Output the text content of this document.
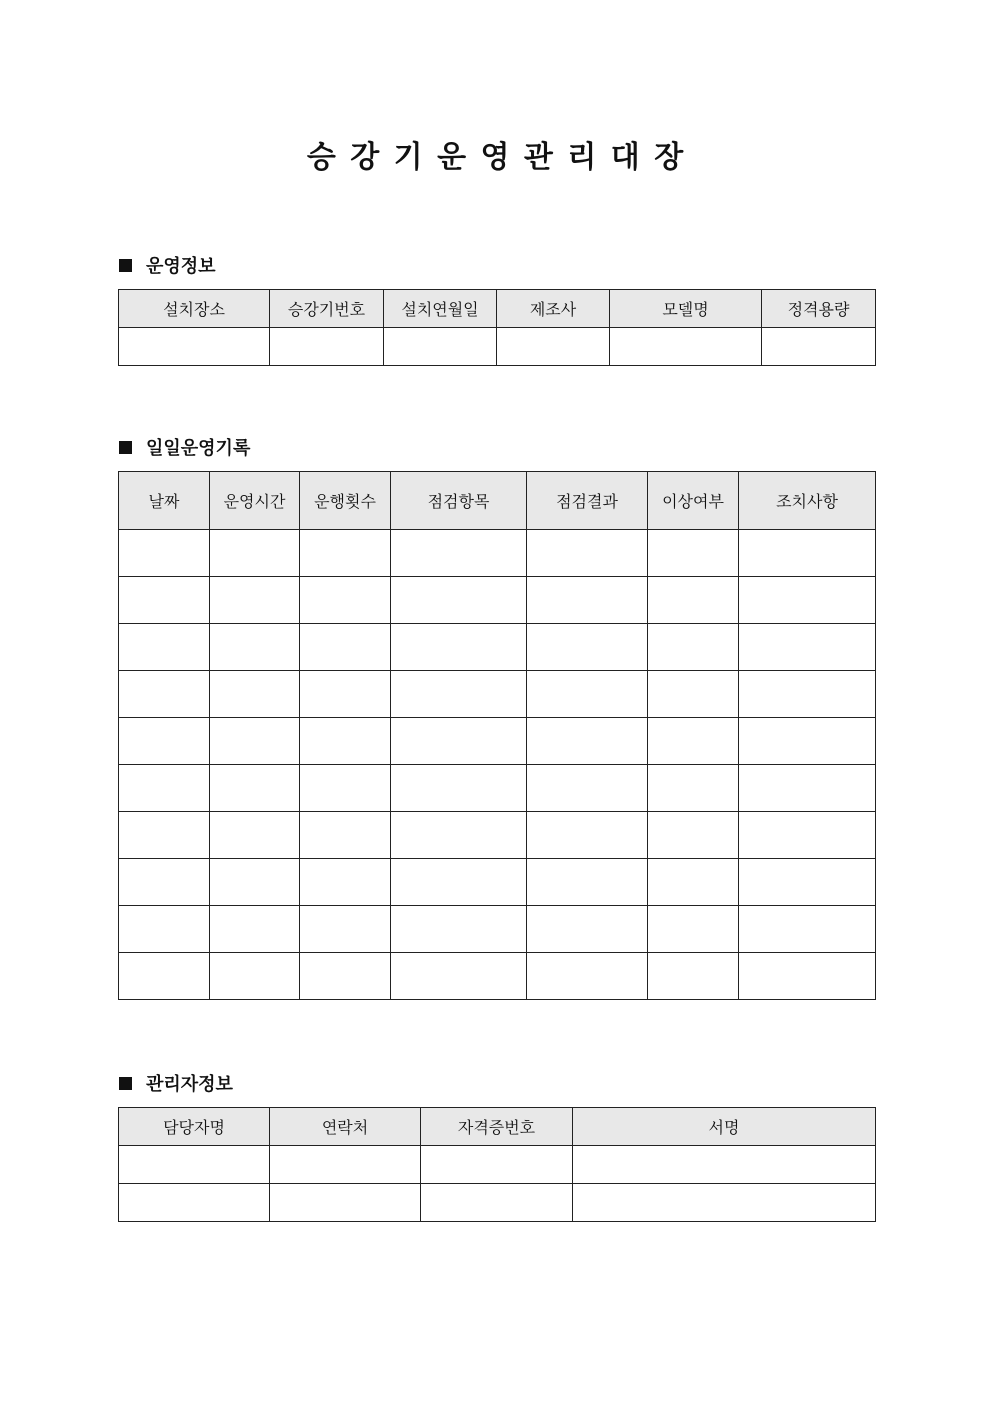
승 강 기 운 영 관 리 대 장
운영정보
설치장소	승강기번호	설치연월일	제조사	모델명	정격용량

일일운영기록
날짜	운영시간	운행횟수	점검항목	점검결과	이상여부	조치사항

관리자정보
담당자명	연락처	자격증번호	서명
